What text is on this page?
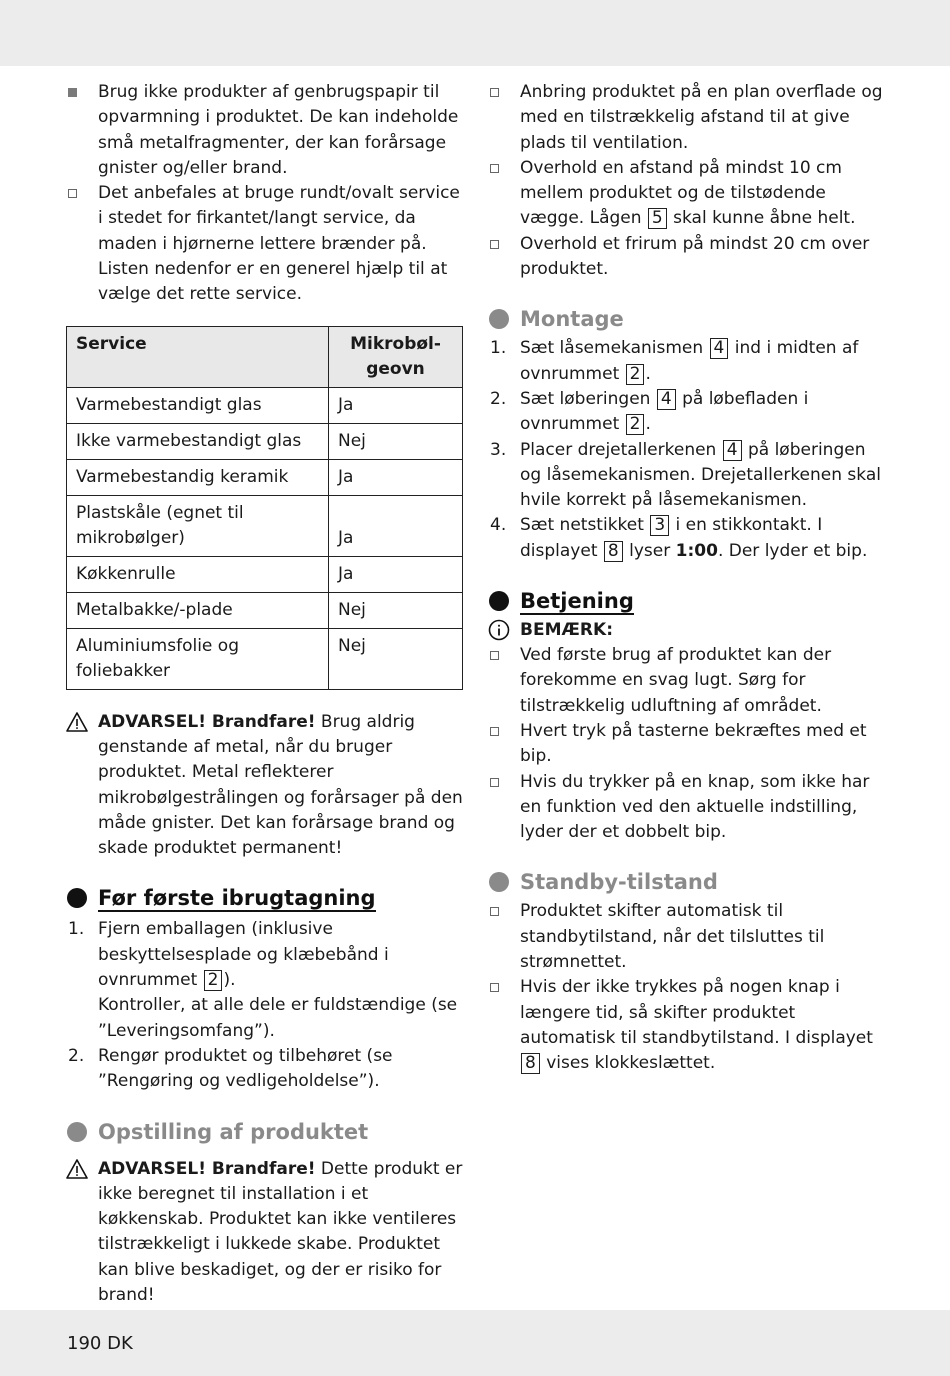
Brug ikke produkter af genbrugspapir til opvarmning i produktet. De kan indeholde små metalfragmenter, der kan forårsage gnister og/eller brand.
Det anbefales at bruge rundt/ovalt service i stedet for firkantet/langt service, da maden i hjørnerne lettere brænder på. Listen nedenfor er en generel hjælp til at vælge det rette service.
Service	Mikrobøl-geovn
Varmebestandigt glas	Ja
Ikke varmebestandigt glas	Nej
Varmebestandig keramik	Ja
Plastskåle (egnet til mikrobølger)	Ja
Køkkenrulle	Ja
Metalbakke/-plade	Nej
Aluminiumsfolie og foliebakker	Nej
ADVARSEL! Brandfare! Brug aldrig genstande af metal, når du bruger produktet. Metal reflekterer mikrobølgestrålingen og forårsager på den måde gnister. Det kan forårsage brand og skade produktet permanent!
Før første ibrugtagning
1. Fjern emballagen (inklusive beskyttelsesplade og klæbebånd i ovnrummet 2 ).
Kontroller, at alle dele er fuldstændige (se ”Leveringsomfang”).
2. Rengør produktet og tilbehøret (se ”Rengøring og vedligeholdelse”).
Opstilling af produktet
ADVARSEL! Brandfare! Dette produkt er ikke beregnet til installation i et køkkenskab. Produktet kan ikke ventileres tilstrækkeligt i lukkede skabe. Produktet kan blive beskadiget, og der er risiko for brand!
Anbring produktet på en plan overflade og med en tilstrækkelig afstand til at give plads til ventilation.
Overhold en afstand på mindst 10 cm mellem produktet og de tilstødende vægge. Lågen 5 skal kunne åbne helt.
Overhold et frirum på mindst 20 cm over produktet.
Montage
1. Sæt låsemekanismen 4 ind i midten af ovnrummet 2 .
2. Sæt løberingen 4 på løbefladen i ovnrummet 2 .
3. Placer drejetallerkenen 4 på løberingen og låsemekanismen. Drejetallerkenen skal hvile korrekt på låsemekanismen.
4. Sæt netstikket 3 i en stikkontakt. I displayet 8 lyser 1:00. Der lyder et bip.
Betjening
BEMÆRK:
Ved første brug af produktet kan der forekomme en svag lugt. Sørg for tilstrækkelig udluftning af området.
Hvert tryk på tasterne bekræftes med et bip.
Hvis du trykker på en knap, som ikke har en funktion ved den aktuelle indstilling, lyder der et dobbelt bip.
Standby-tilstand
Produktet skifter automatisk til standbytilstand, når det tilsluttes til strømnettet.
Hvis der ikke trykkes på nogen knap i længere tid, så skifter produktet automatisk til standbytilstand. I displayet 8 vises klokkeslættet.
190 DK
